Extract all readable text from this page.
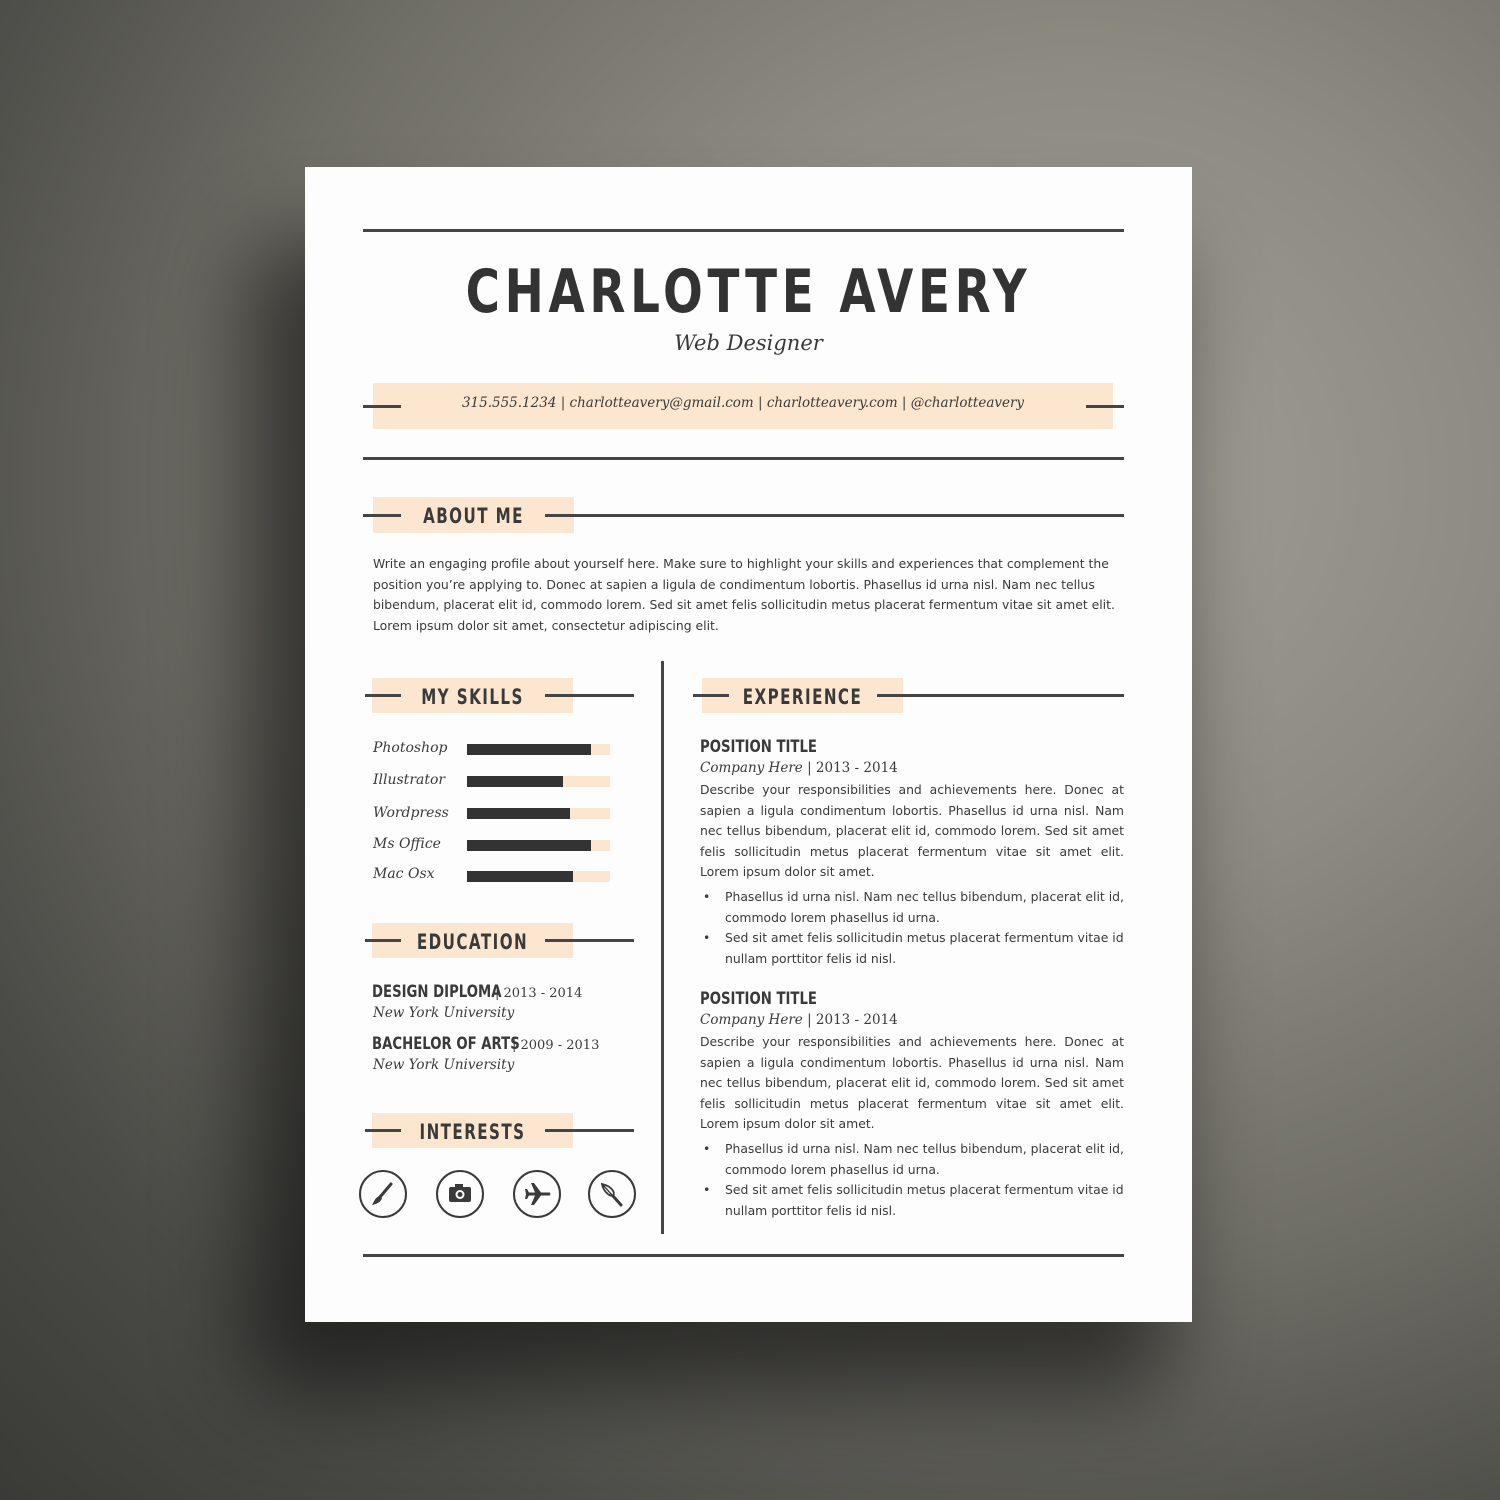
CHARLOTTE AVERY
Web Designer
315.555.1234 | charlotteavery@gmail.com | charlotteavery.com | @charlotteavery
ABOUT ME
Write an engaging profile about yourself here. Make sure to highlight your skills and experiences that complement the position you’re applying to. Donec at sapien a ligula de condimentum lobortis. Phasellus id urna nisl. Nam nec tellus bibendum, placerat elit id, commodo lorem. Sed sit amet felis sollicitudin metus placerat fermentum vitae sit amet elit. Lorem ipsum dolor sit amet, consectetur adipiscing elit.
MY SKILLS
Photoshop
Illustrator
Wordpress
Ms Office
Mac Osx
EDUCATION
DESIGN DIPLOMA
| 2013 - 2014
New York University
BACHELOR OF ARTS
| 2009 - 2013
New York University
INTERESTS
EXPERIENCE
POSITION TITLE
Company Here | 2013 - 2014
Describe your responsibilities and achievements here. Donec at sapien a ligula condimentum lobortis. Phasellus id urna nisl. Nam nec tellus bibendum, placerat elit id, commodo lorem. Sed sit amet felis sollicitudin metus placerat fermentum vitae sit amet elit. Lorem ipsum dolor sit amet.
• Phasellus id urna nisl. Nam nec tellus bibendum, placerat elit id, commodo lorem phasellus id urna.
• Sed sit amet felis sollicitudin metus placerat fermentum vitae id nullam porttitor felis id nisl.
POSITION TITLE
Company Here | 2013 - 2014
Describe your responsibilities and achievements here. Donec at sapien a ligula condimentum lobortis. Phasellus id urna nisl. Nam nec tellus bibendum, placerat elit id, commodo lorem. Sed sit amet felis sollicitudin metus placerat fermentum vitae sit amet elit. Lorem ipsum dolor sit amet.
• Phasellus id urna nisl. Nam nec tellus bibendum, placerat elit id, commodo lorem phasellus id urna.
• Sed sit amet felis sollicitudin metus placerat fermentum vitae id nullam porttitor felis id nisl.
